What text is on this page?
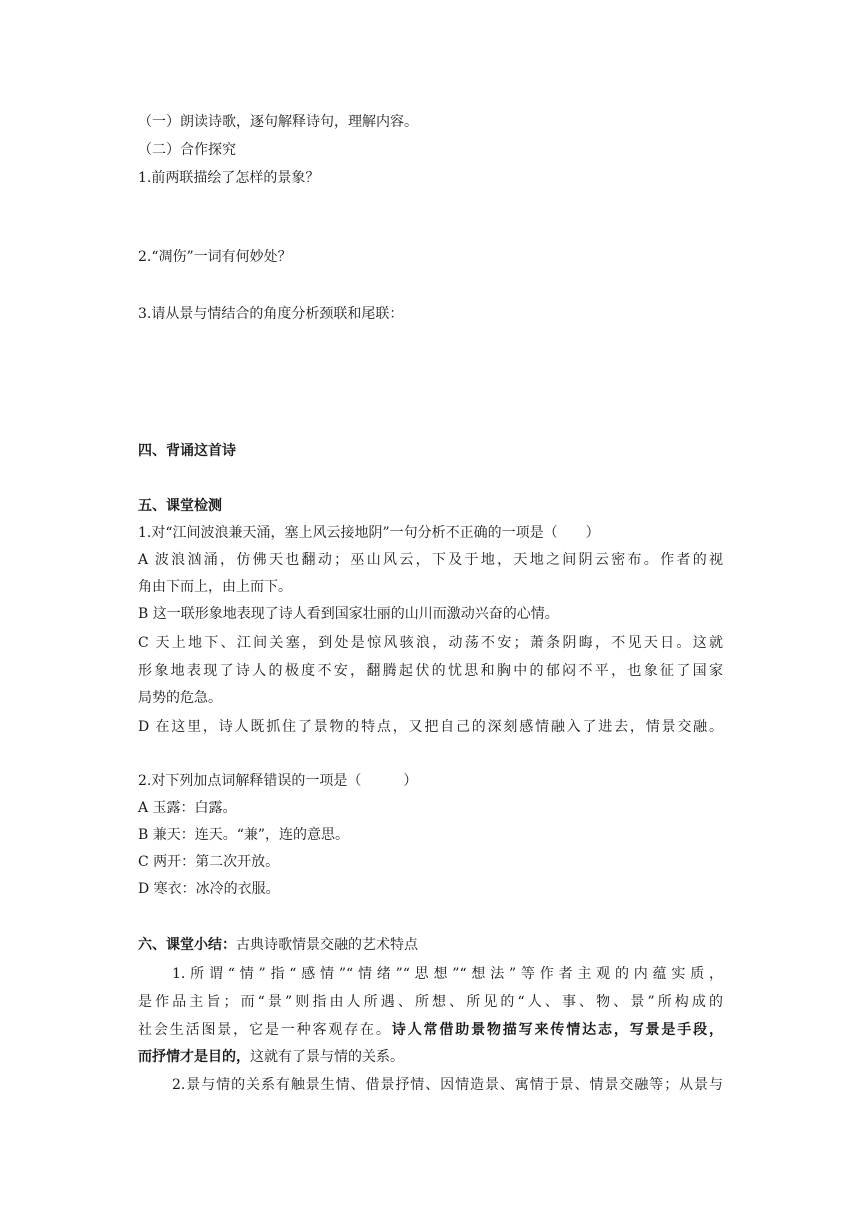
（一）朗读诗歌，逐句解释诗句，理解内容。
（二）合作探究
1.前两联描绘了怎样的景象？
2.“凋伤”一词有何妙处？
3.请从景与情结合的角度分析颈联和尾联：
四、背诵这首诗
五、课堂检测
1.对“江间波浪兼天涌，塞上风云接地阴”一句分析不正确的一项是（　　）
A 波浪汹涌，仿佛天也翻动；巫山风云，下及于地，天地之间阴云密布。作者的视
角由下而上，由上而下。
B 这一联形象地表现了诗人看到国家壮丽的山川而激动兴奋的心情。
C 天上地下、江间关塞，到处是惊风骇浪，动荡不安；萧条阴晦，不见天日。这就
形象地表现了诗人的极度不安，翻腾起伏的忧思和胸中的郁闷不平，也象征了国家
局势的危急。
D 在这里，诗人既抓住了景物的特点，又把自己的深刻感情融入了进去，情景交融。
2.对下列加点词解释错误的一项是（　　　）
A 玉露：白露。
B 兼天：连天。“兼”，连的意思。
C 两开：第二次开放。
D 寒衣：冰冷的衣服。
六、课堂小结：古典诗歌情景交融的艺术特点
1.所谓“情”指“感情”“情绪”“思想”“想法”等作者主观的内蕴实质，
是作品主旨；而“景”则指由人所遇、所想、所见的“人、事、物、景”所构成的
社会生活图景，它是一种客观存在。诗人常借助景物描写来传情达志，写景是手段，
而抒情才是目的，这就有了景与情的关系。
2.景与情的关系有触景生情、借景抒情、因情造景、寓情于景、情景交融等；从景与
